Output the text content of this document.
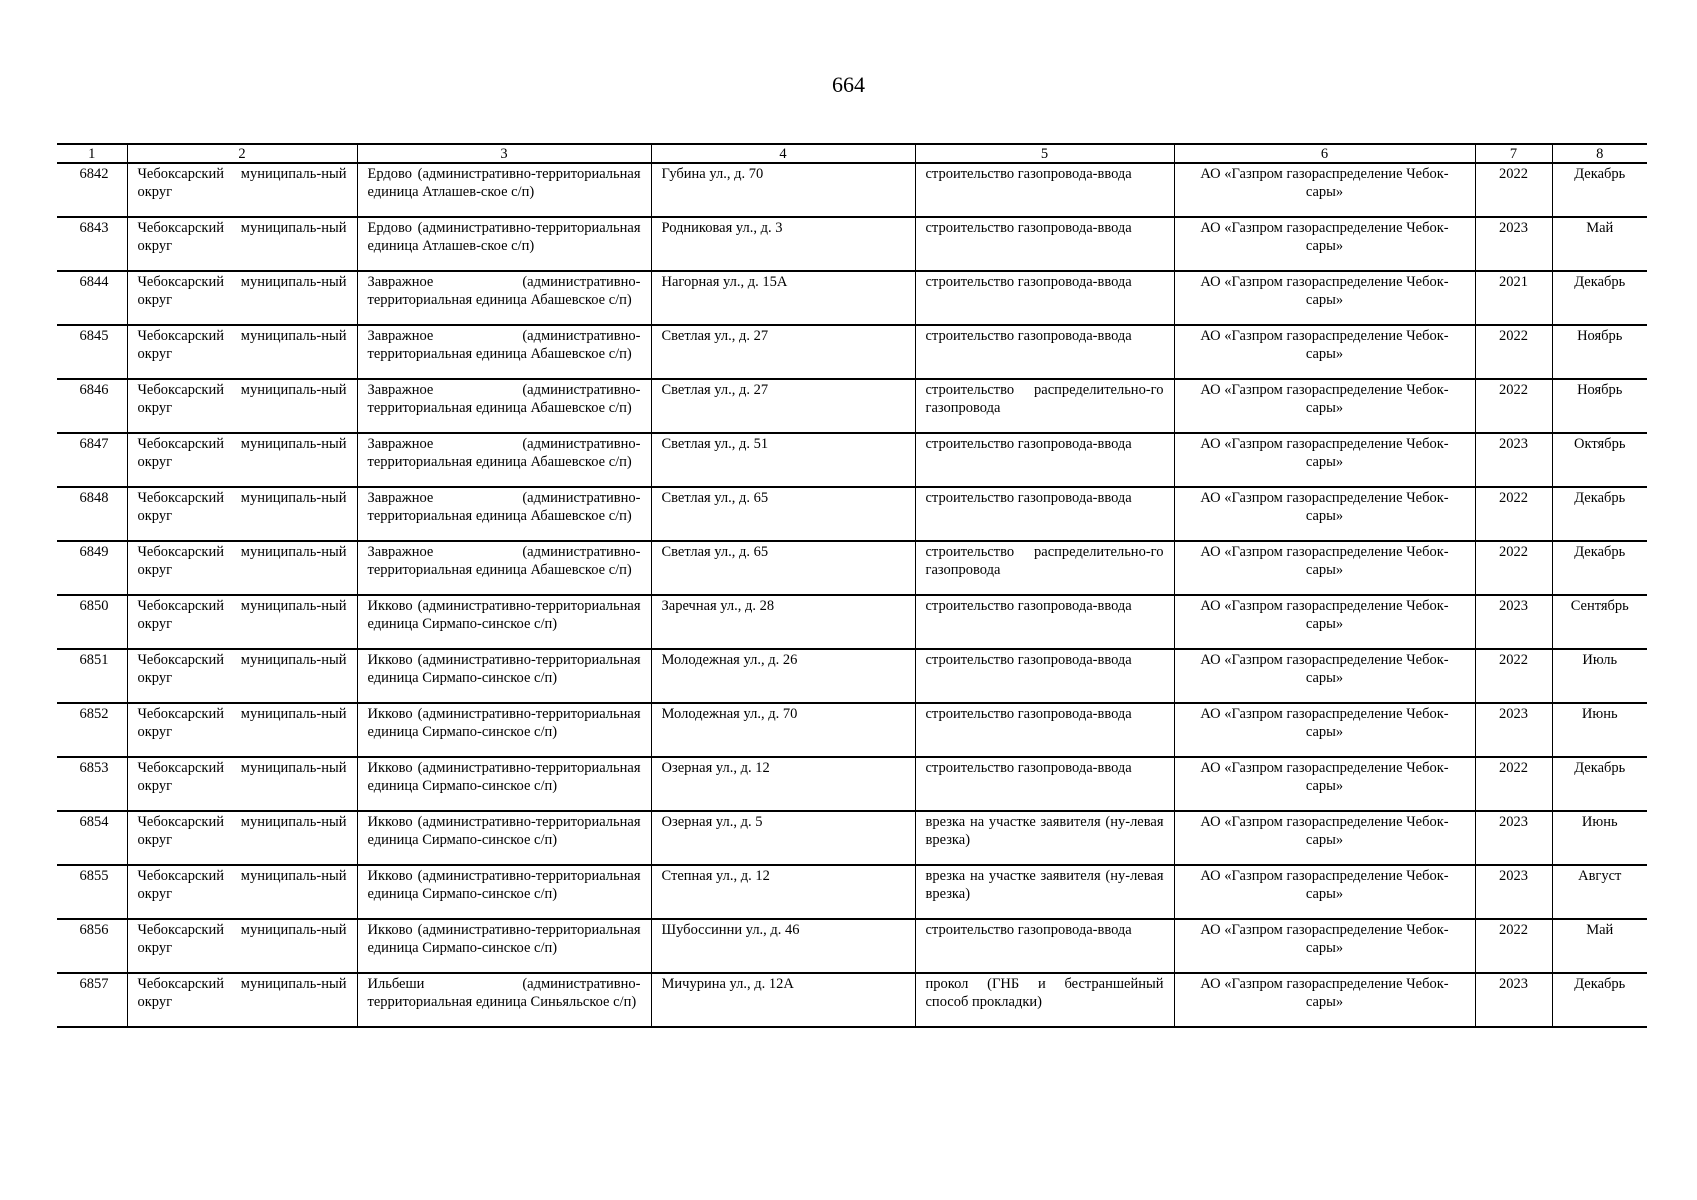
664
1	2	3	4	5	6	7	8
6842	Чебоксарский муниципаль-ный округ	Ердово (административно-территориальная единица Атлашев-ское с/п)	Губина ул., д. 70	строительство газопровода-ввода	АО «Газпром газораспределение Чебок-сары»	2022	Декабрь
6843	Чебоксарский муниципаль-ный округ	Ердово (административно-территориальная единица Атлашев-ское с/п)	Родниковая ул., д. 3	строительство газопровода-ввода	АО «Газпром газораспределение Чебок-сары»	2023	Май
6844	Чебоксарский муниципаль-ный округ	Завражное (административно-территориальная единица Абашевское с/п)	Нагорная ул., д. 15А	строительство газопровода-ввода	АО «Газпром газораспределение Чебок-сары»	2021	Декабрь
6845	Чебоксарский муниципаль-ный округ	Завражное (административно-территориальная единица Абашевское с/п)	Светлая ул., д. 27	строительство газопровода-ввода	АО «Газпром газораспределение Чебок-сары»	2022	Ноябрь
6846	Чебоксарский муниципаль-ный округ	Завражное (административно-территориальная единица Абашевское с/п)	Светлая ул., д. 27	строительство распределительно-го газопровода	АО «Газпром газораспределение Чебок-сары»	2022	Ноябрь
6847	Чебоксарский муниципаль-ный округ	Завражное (административно-территориальная единица Абашевское с/п)	Светлая ул., д. 51	строительство газопровода-ввода	АО «Газпром газораспределение Чебок-сары»	2023	Октябрь
6848	Чебоксарский муниципаль-ный округ	Завражное (административно-территориальная единица Абашевское с/п)	Светлая ул., д. 65	строительство газопровода-ввода	АО «Газпром газораспределение Чебок-сары»	2022	Декабрь
6849	Чебоксарский муниципаль-ный округ	Завражное (административно-территориальная единица Абашевское с/п)	Светлая ул., д. 65	строительство распределительно-го газопровода	АО «Газпром газораспределение Чебок-сары»	2022	Декабрь
6850	Чебоксарский муниципаль-ный округ	Икково (административно-территориальная единица Сирмапо-синское с/п)	Заречная ул., д. 28	строительство газопровода-ввода	АО «Газпром газораспределение Чебок-сары»	2023	Сентябрь
6851	Чебоксарский муниципаль-ный округ	Икково (административно-территориальная единица Сирмапо-синское с/п)	Молодежная ул., д. 26	строительство газопровода-ввода	АО «Газпром газораспределение Чебок-сары»	2022	Июль
6852	Чебоксарский муниципаль-ный округ	Икково (административно-территориальная единица Сирмапо-синское с/п)	Молодежная ул., д. 70	строительство газопровода-ввода	АО «Газпром газораспределение Чебок-сары»	2023	Июнь
6853	Чебоксарский муниципаль-ный округ	Икково (административно-территориальная единица Сирмапо-синское с/п)	Озерная ул., д. 12	строительство газопровода-ввода	АО «Газпром газораспределение Чебок-сары»	2022	Декабрь
6854	Чебоксарский муниципаль-ный округ	Икково (административно-территориальная единица Сирмапо-синское с/п)	Озерная ул., д. 5	врезка на участке заявителя (ну-левая врезка)	АО «Газпром газораспределение Чебок-сары»	2023	Июнь
6855	Чебоксарский муниципаль-ный округ	Икково (административно-территориальная единица Сирмапо-синское с/п)	Степная ул., д. 12	врезка на участке заявителя (ну-левая врезка)	АО «Газпром газораспределение Чебок-сары»	2023	Август
6856	Чебоксарский муниципаль-ный округ	Икково (административно-территориальная единица Сирмапо-синское с/п)	Шубоссинни ул., д. 46	строительство газопровода-ввода	АО «Газпром газораспределение Чебок-сары»	2022	Май
6857	Чебоксарский муниципаль-ный округ	Ильбеши (административно-территориальная единица Синьяльское с/п)	Мичурина ул., д. 12А	прокол (ГНБ и бестраншейный способ прокладки)	АО «Газпром газораспределение Чебок-сары»	2023	Декабрь
